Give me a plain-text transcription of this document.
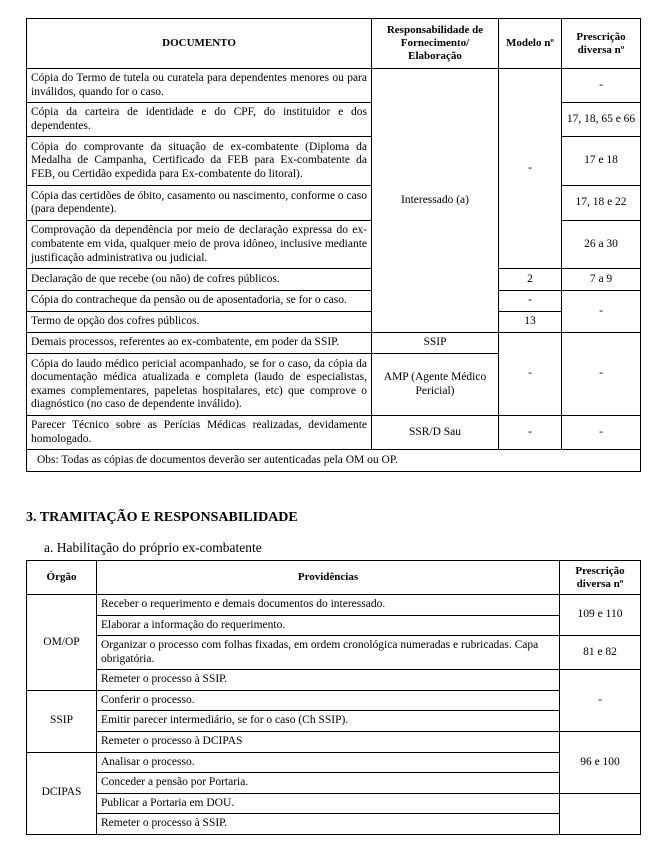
DOCUMENTO	Responsabilidade de Fornecimento/ Elaboração	Modelo nº	Prescrição diversa nº
Cópia do Termo de tutela ou curatela para dependentes menores ou para inválidos, quando for o caso.	Interessado (a)	-	-
Cópia da carteira de identidade e do CPF, do instituidor e dos dependentes.			17, 18, 65 e 66
Cópia do comprovante da situação de ex-combatente (Diploma da Medalha de Campanha, Certificado da FEB para Ex-combatente da FEB, ou Certidão expedida para Ex-combatente do litoral).			17 e 18
Cópia das certidões de óbito, casamento ou nascimento, conforme o caso (para dependente).			17, 18 e 22
Comprovação da dependência por meio de declaração expressa do ex-combatente em vida, qualquer meio de prova idôneo, inclusive mediante justificação administrativa ou judicial.			26 a 30
Declaração de que recebe (ou não) de cofres públicos.		2	7 a 9
Cópia do contracheque da pensão ou de aposentadoria, se for o caso.		-	-
Termo de opção dos cofres públicos.		13	
Demais processos, referentes ao ex-combatente, em poder da SSIP.	SSIP	-	-
Cópia do laudo médico pericial acompanhado, se for o caso, da cópia da documentação médica atualizada e completa (laudo de especialistas, exames complementares, papeletas hospitalares, etc) que comprove o diagnóstico (no caso de dependente inválido).	AMP (Agente Médico Pericial)		
Parecer Técnico sobre as Perícias Médicas realizadas, devidamente homologado.	SSR/D Sau	-	-
Obs: Todas as cópias de documentos deverão ser autenticadas pela OM ou OP.			
3. TRAMITAÇÃO E RESPONSABILIDADE

a. Habilitação do próprio ex-combatente

Órgão	Providências	Prescrição diversa nº
OM/OP	Receber o requerimento e demais documentos do interessado.	109 e 110
	Elaborar a informação do requerimento.	
	Organizar o processo com folhas fixadas, em ordem cronológica numeradas e rubricadas. Capa obrigatória.	81 e 82
	Remeter o processo à SSIP.	-
SSIP	Conferir o processo.	
	Emitir parecer intermediário, se for o caso (Ch SSIP).	
	Remeter o processo à DCIPAS	96 e 100
DCIPAS	Analisar o processo.	
	Conceder a pensão por Portaria.	
	Publicar a Portaria em DOU.	
	Remeter o processo à SSIP.	
